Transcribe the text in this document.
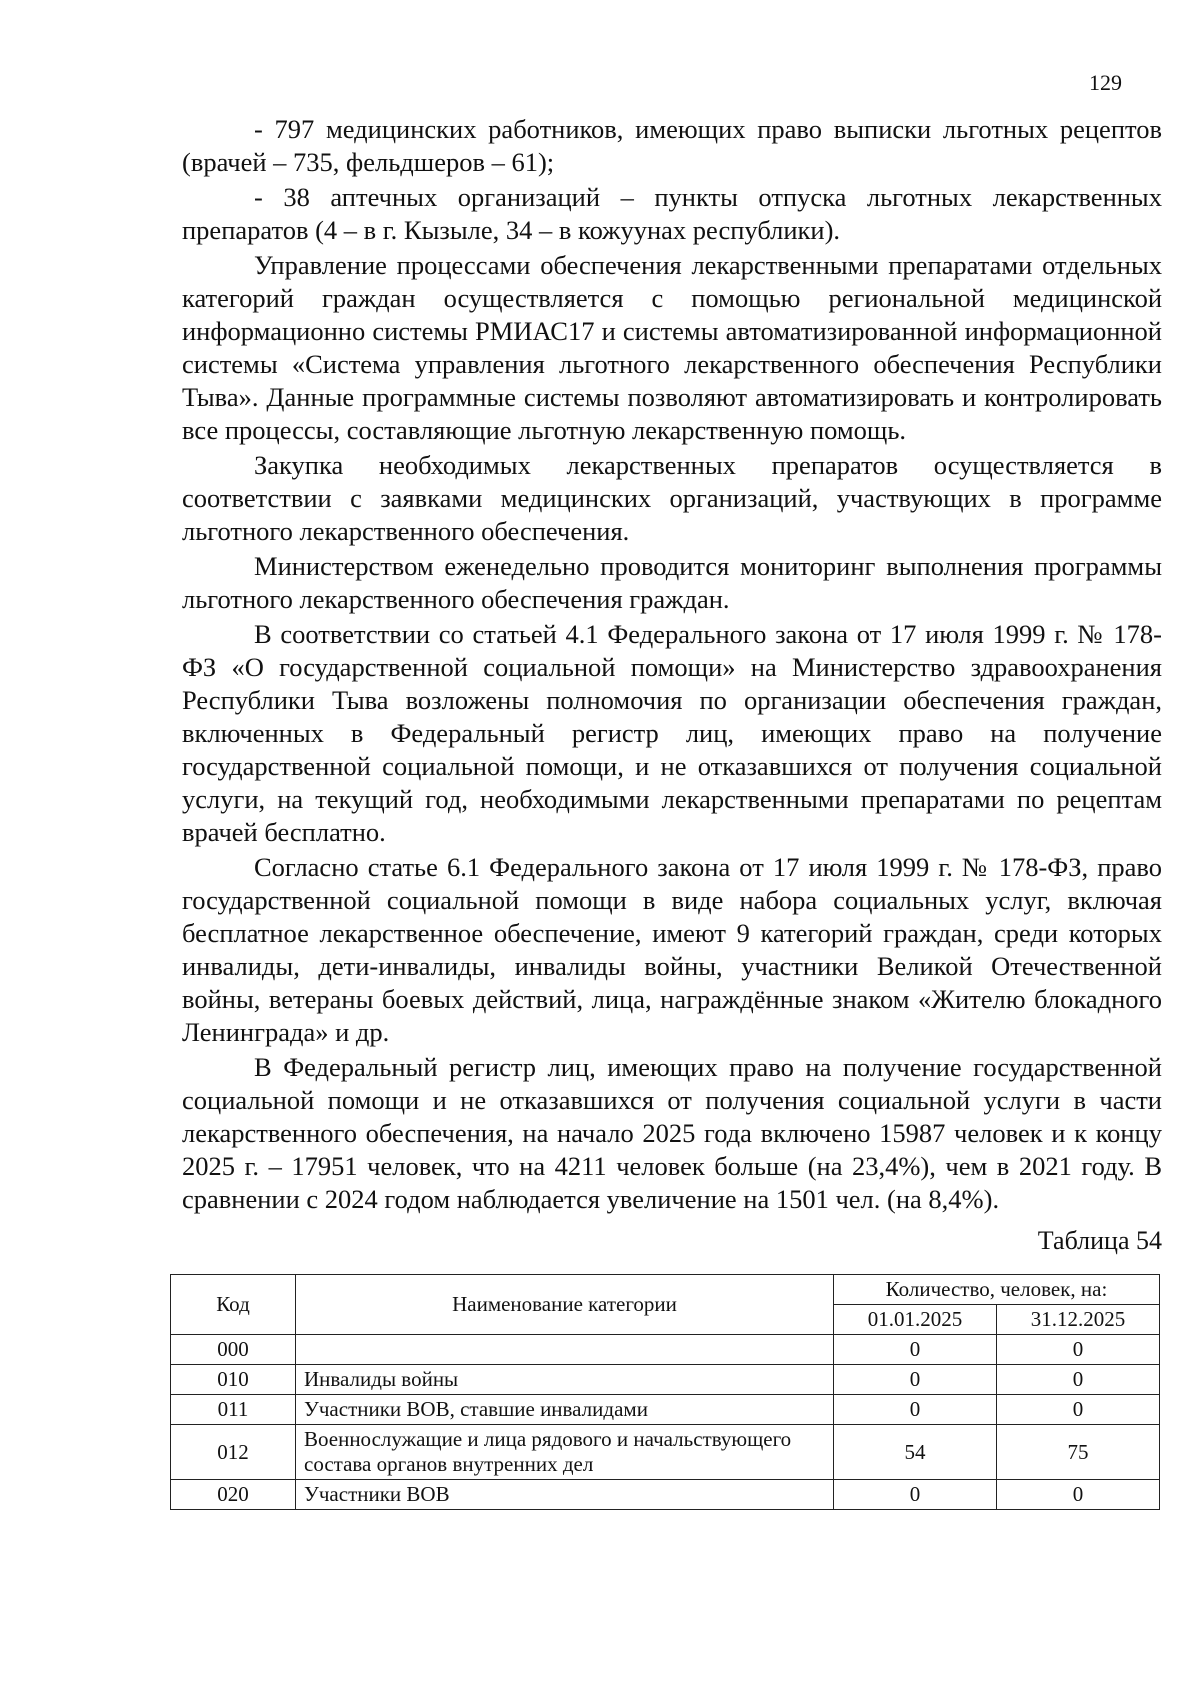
129

- 797 медицинских работников, имеющих право выписки льготных рецептов (врачей – 735, фельдшеров – 61);

- 38 аптечных организаций – пункты отпуска льготных лекарственных препаратов (4 – в г. Кызыле, 34 – в кожуунах республики).

Управление процессами обеспечения лекарственными препаратами отдельных категорий граждан осуществляется с помощью региональной медицинской информационно системы РМИАС17 и системы автоматизированной информационной системы «Система управления льготного лекарственного обеспечения Республики Тыва». Данные программные системы позволяют автоматизировать и контролировать все процессы, составляющие льготную лекарственную помощь.

Закупка необходимых лекарственных препаратов осуществляется в соответствии с заявками медицинских организаций, участвующих в программе льготного лекарственного обеспечения.

Министерством еженедельно проводится мониторинг выполнения программы льготного лекарственного обеспечения граждан.

В соответствии со статьей 4.1 Федерального закона от 17 июля 1999 г. № 178-ФЗ «О государственной социальной помощи» на Министерство здравоохранения Республики Тыва возложены полномочия по организации обеспечения граждан, включенных в Федеральный регистр лиц, имеющих право на получение государственной социальной помощи, и не отказавшихся от получения социальной услуги, на текущий год, необходимыми лекарственными препаратами по рецептам врачей бесплатно.

Согласно статье 6.1 Федерального закона от 17 июля 1999 г. № 178-ФЗ, право государственной социальной помощи в виде набора социальных услуг, включая бесплатное лекарственное обеспечение, имеют 9 категорий граждан, среди которых инвалиды, дети-инвалиды, инвалиды войны, участники Великой Отечественной войны, ветераны боевых действий, лица, награждённые знаком «Жителю блокадного Ленинграда» и др.

В Федеральный регистр лиц, имеющих право на получение государственной социальной помощи и не отказавшихся от получения социальной услуги в части лекарственного обеспечения, на начало 2025 года включено 15987 человек и к концу 2025 г. – 17951 человек, что на 4211 человек больше (на 23,4%), чем в 2021 году. В сравнении с 2024 годом наблюдается увеличение на 1501 чел. (на 8,4%).

Таблица 54
Код	Наименование категории	Количество, человек, на:	
		01.01.2025	31.12.2025
000		0	0
010	Инвалиды войны	0	0
011	Участники ВОВ, ставшие инвалидами	0	0
012	Военнослужащие и лица рядового и начальствующего состава органов внутренних дел	54	75
020	Участники ВОВ	0	0
